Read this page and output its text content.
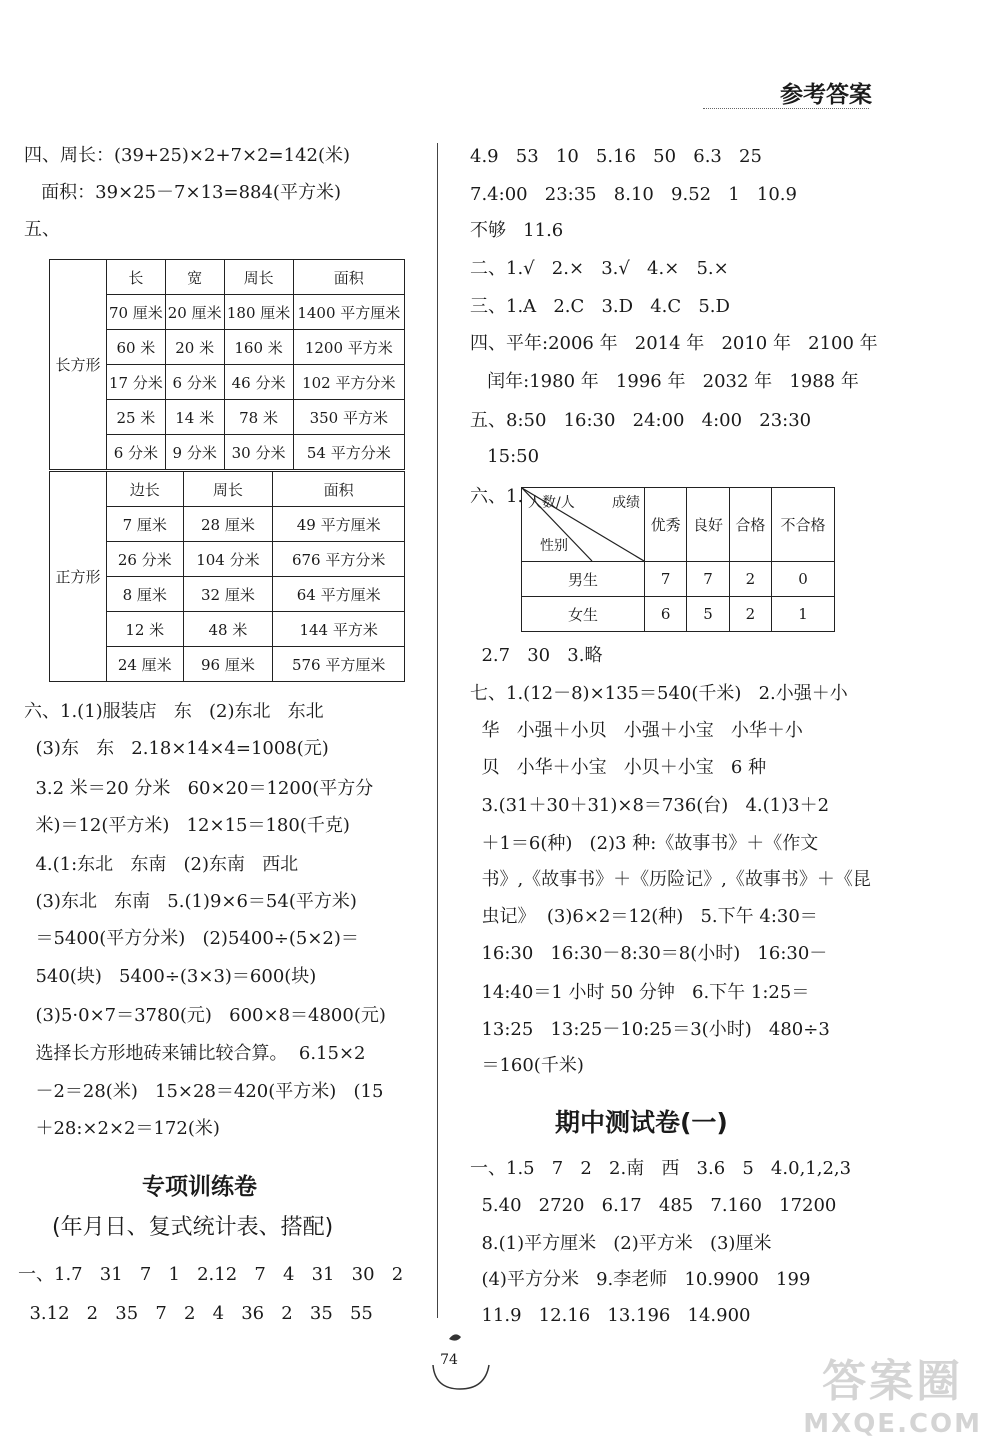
参考答案
四、周长：(39+25)×2+7×2=142(米)
面积：39×25－7×13=884(平方米)
五、
长方形	长	宽	周长	面积
	70 厘米	20 厘米	180 厘米	1400 平方厘米
	60 米	20 米	160 米	1200 平方米
	17 分米	6 分米	46 分米	102 平方分米
	25 米	14 米	78 米	350 平方米
	6 分米	9 分米	30 分米	54 平方分米
正方形	边长	周长	面积
	7 厘米	28 厘米	49 平方厘米
	26 分米	104 分米	676 平方分米
	8 厘米	32 厘米	64 平方厘米
	12 米	48 米	144 平方米
	24 厘米	96 厘米	576 平方厘米
六、1.(1)服装店   东   (2)东北   东北
(3)东   东   2.18×14×4=1008(元)
3.2 米＝20 分米   60×20＝1200(平方分
米)＝12(平方米)   12×15＝180(千克)
4.(1:东北   东南   (2)东南   西北
(3)东北   东南   5.(1)9×6＝54(平方米)
＝5400(平方分米)   (2)5400÷(5×2)＝
540(块)   5400÷(3×3)＝600(块)
(3)5·0×7＝3780(元)   600×8＝4800(元)
选择长方形地砖来铺比较合算。  6.15×2
－2＝28(米)   15×28＝420(平方米)   (15
＋28:×2×2＝172(米)
专项训练卷
(年月日、复式统计表、搭配)
一、1.7   31   7   1   2.12   7   4   31   30   2
3.12   2   35   7   2   4   36   2   35   55
4.9   53   10   5.16   50   6.3   25
7.4:00   23:35   8.10   9.52   1   10.9
不够   11.6
二、1.√   2.×   3.√   4.×   5.×
三、1.A   2.C   3.D   4.C   5.D
四、平年:2006 年   2014 年   2010 年   2100 年
闰年:1980 年   1996 年   2032 年   1988 年
五、8:50   16:30   24:00   4:00   23:30
15:50
六、1. 人数/人 成绩
性别	优秀	良好	合格	不合格
男生	7	7	2	0
女生	6	5	2	1
2.7   30   3.略
七、1.(12－8)×135＝540(千米)   2.小强＋小
华   小强＋小贝   小强＋小宝   小华＋小
贝   小华＋小宝   小贝＋小宝   6 种
3.(31＋30＋31)×8＝736(台)   4.(1)3＋2
＋1＝6(种)   (2)3 种:《故事书》＋《作文
书》,《故事书》＋《历险记》,《故事书》＋《昆
虫记》  (3)6×2＝12(种)   5.下午 4:30＝
16:30   16:30－8:30＝8(小时)   16:30－
14:40＝1 小时 50 分钟   6.下午 1:25＝
13:25   13:25－10:25＝3(小时)   480÷3
＝160(千米)
期中测试卷(一)
一、1.5   7   2   2.南   西   3.6   5   4.0,1,2,3
5.40   2720   6.17   485   7.160   17200
8.(1)平方厘米   (2)平方米   (3)厘米
(4)平方分米   9.李老师   10.9900   199
11.9   12.16   13.196   14.900
74	答案圈
MXQE.COM
